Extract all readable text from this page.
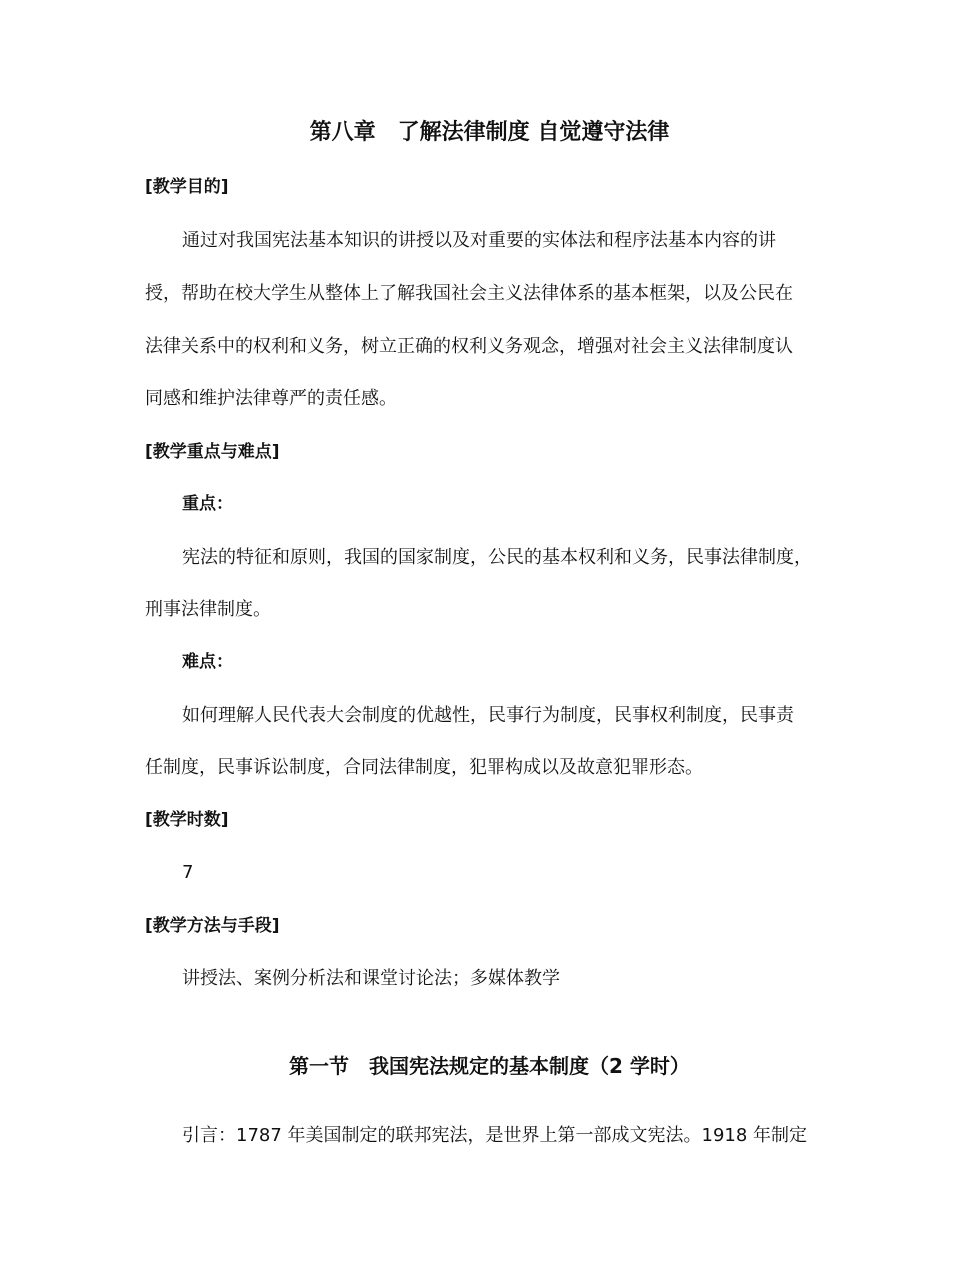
第八章　了解法律制度 自觉遵守法律
[教学目的]
通过对我国宪法基本知识的讲授以及对重要的实体法和程序法基本内容的讲
授，帮助在校大学生从整体上了解我国社会主义法律体系的基本框架，以及公民在
法律关系中的权利和义务，树立正确的权利义务观念，增强对社会主义法律制度认
同感和维护法律尊严的责任感。
[教学重点与难点]
重点：
宪法的特征和原则，我国的国家制度，公民的基本权利和义务，民事法律制度，
刑事法律制度。
难点：
如何理解人民代表大会制度的优越性，民事行为制度，民事权利制度，民事责
任制度，民事诉讼制度，合同法律制度，犯罪构成以及故意犯罪形态。
[教学时数]
7
[教学方法与手段]
讲授法、案例分析法和课堂讨论法；多媒体教学
第一节　我国宪法规定的基本制度（2 学时）
引言：1787 年美国制定的联邦宪法，是世界上第一部成文宪法。1918 年制定
